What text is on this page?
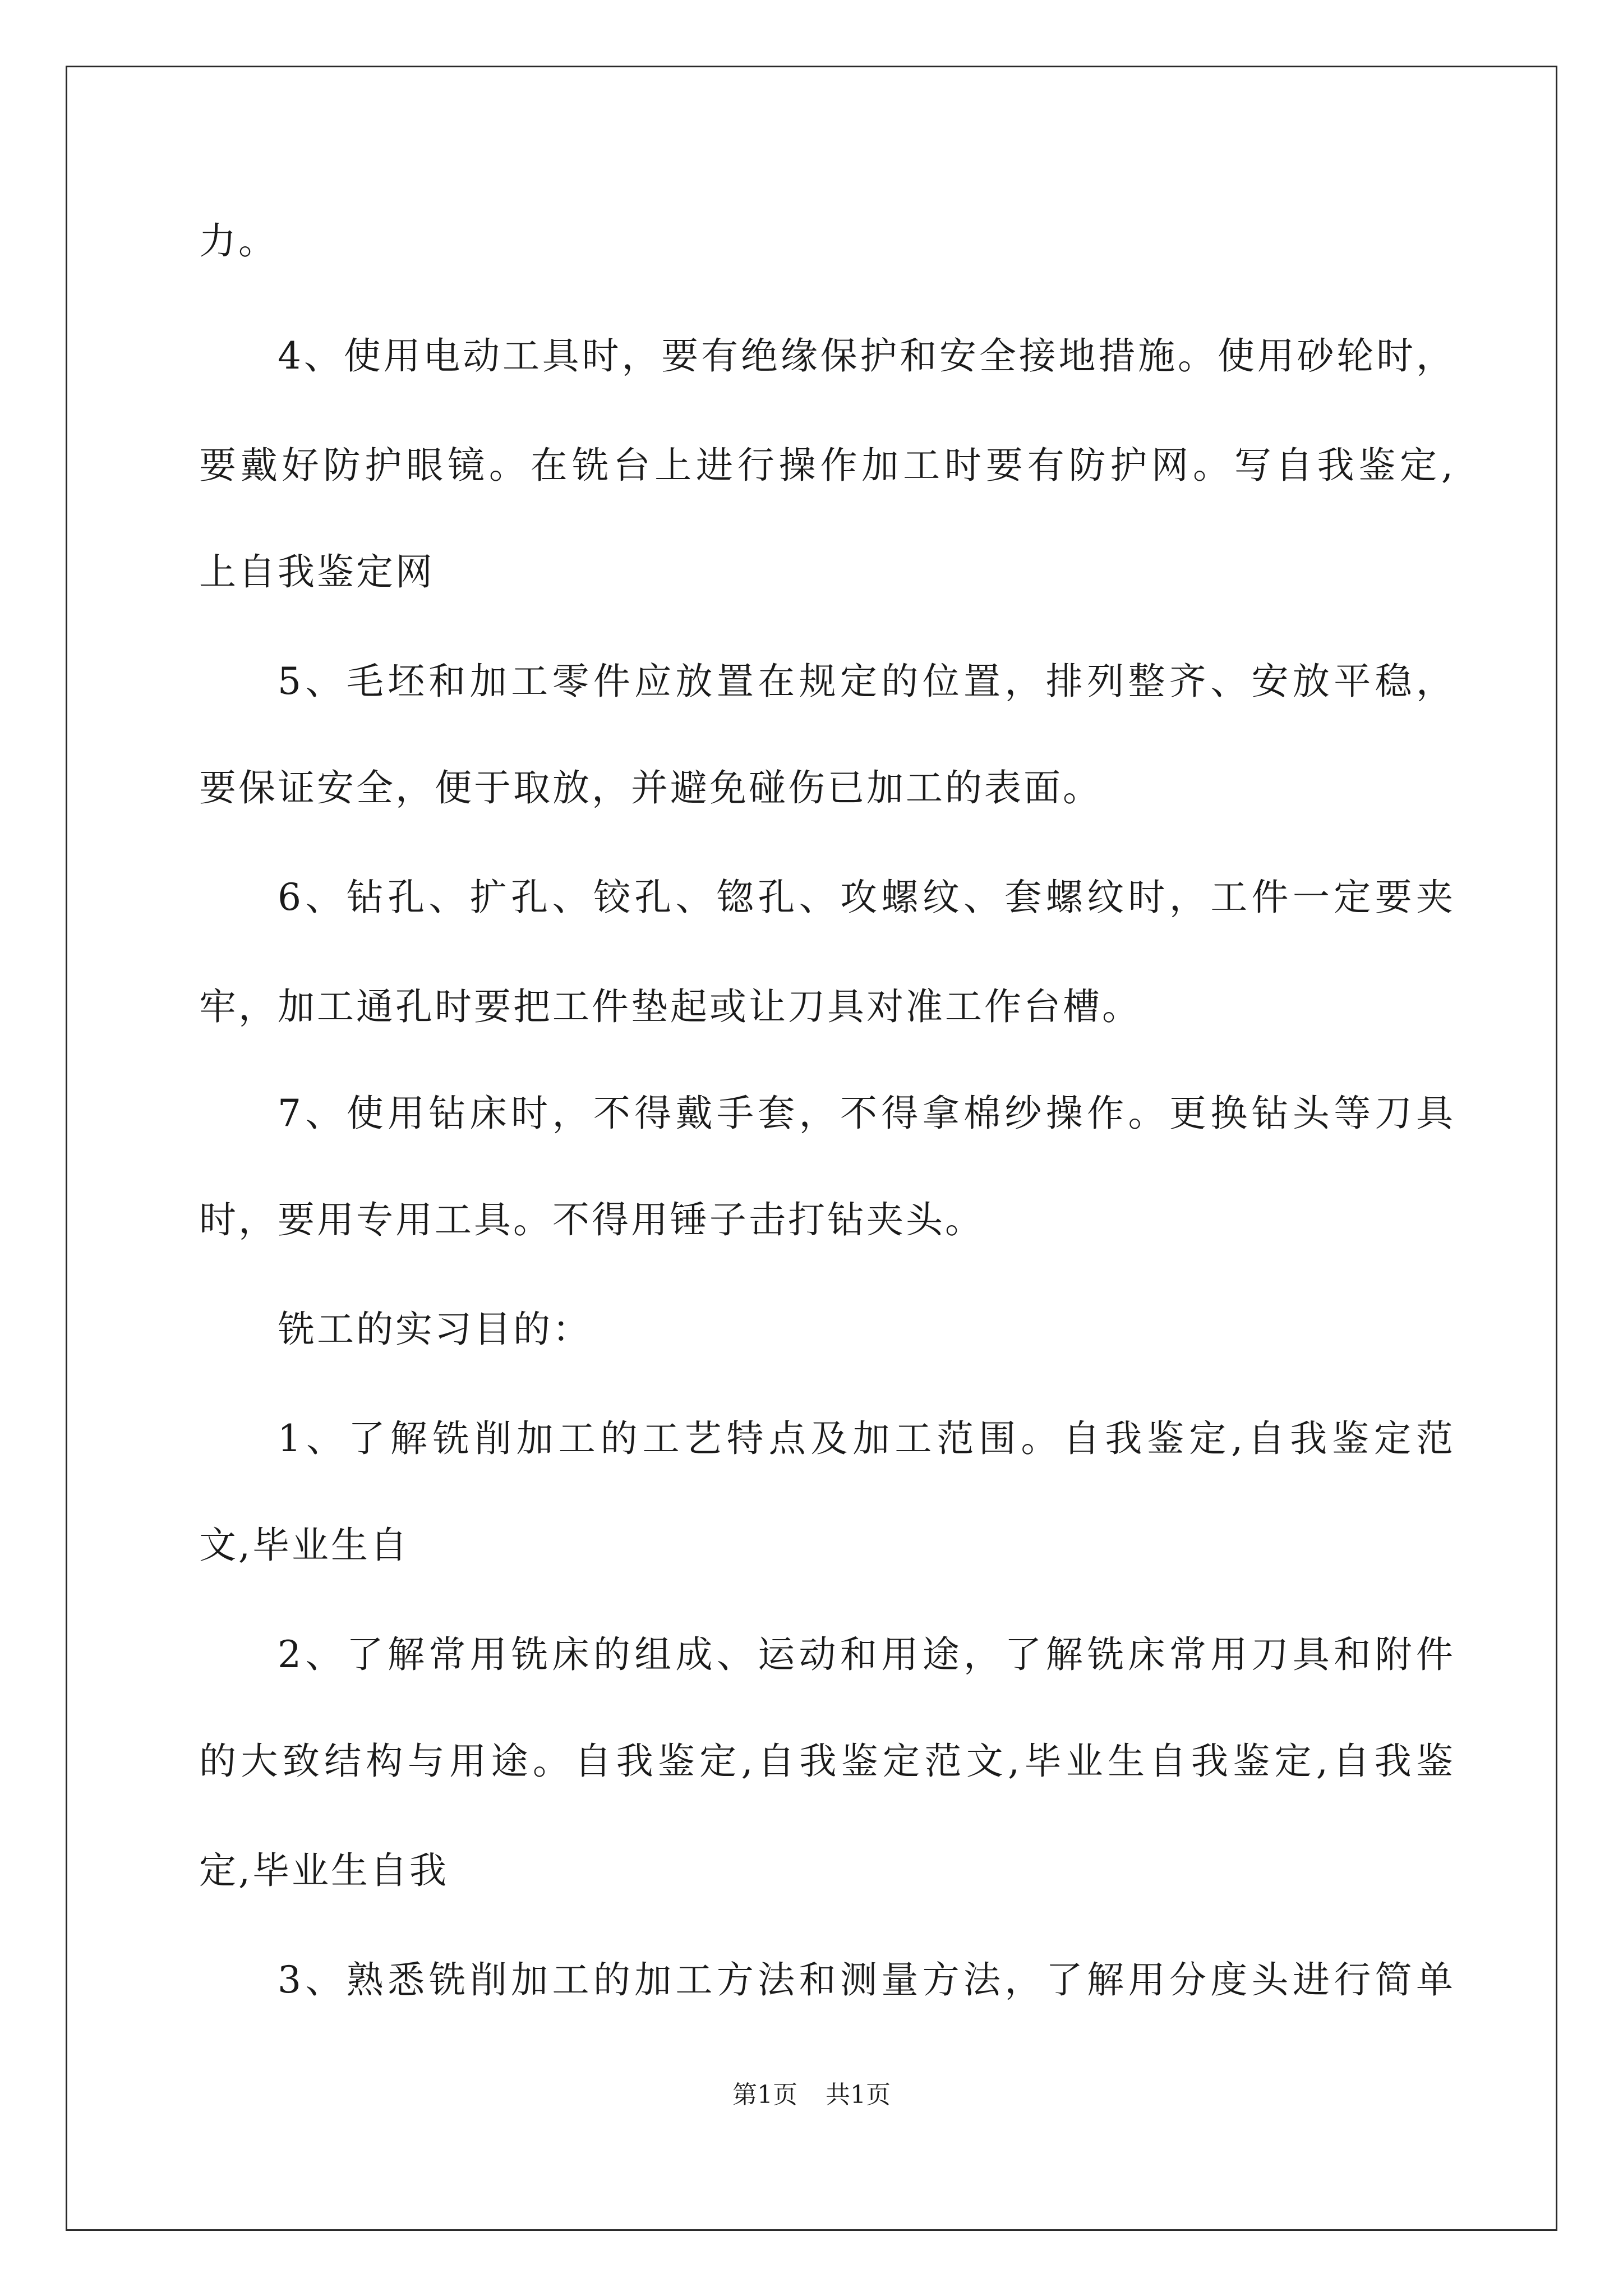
力。
4、使用电动工具时，要有绝缘保护和安全接地措施。使用砂轮时，
要戴好防护眼镜。在铣台上进行操作加工时要有防护网。写自我鉴定,
上自我鉴定网
5、毛坯和加工零件应放置在规定的位置，排列整齐、安放平稳，
要保证安全，便于取放，并避免碰伤已加工的表面。
6、钻孔、扩孔、铰孔、锪孔、攻螺纹、套螺纹时，工件一定要夹
牢，加工通孔时要把工件垫起或让刀具对准工作台槽。
7、使用钻床时，不得戴手套，不得拿棉纱操作。更换钻头等刀具
时，要用专用工具。不得用锤子击打钻夹头。
铣工的实习目的：
1、了解铣削加工的工艺特点及加工范围。自我鉴定,自我鉴定范
文,毕业生自
2、了解常用铣床的组成、运动和用途，了解铣床常用刀具和附件
的大致结构与用途。自我鉴定,自我鉴定范文,毕业生自我鉴定,自我鉴
定,毕业生自我
3、熟悉铣削加工的加工方法和测量方法，了解用分度头进行简单
第1页 共1页
